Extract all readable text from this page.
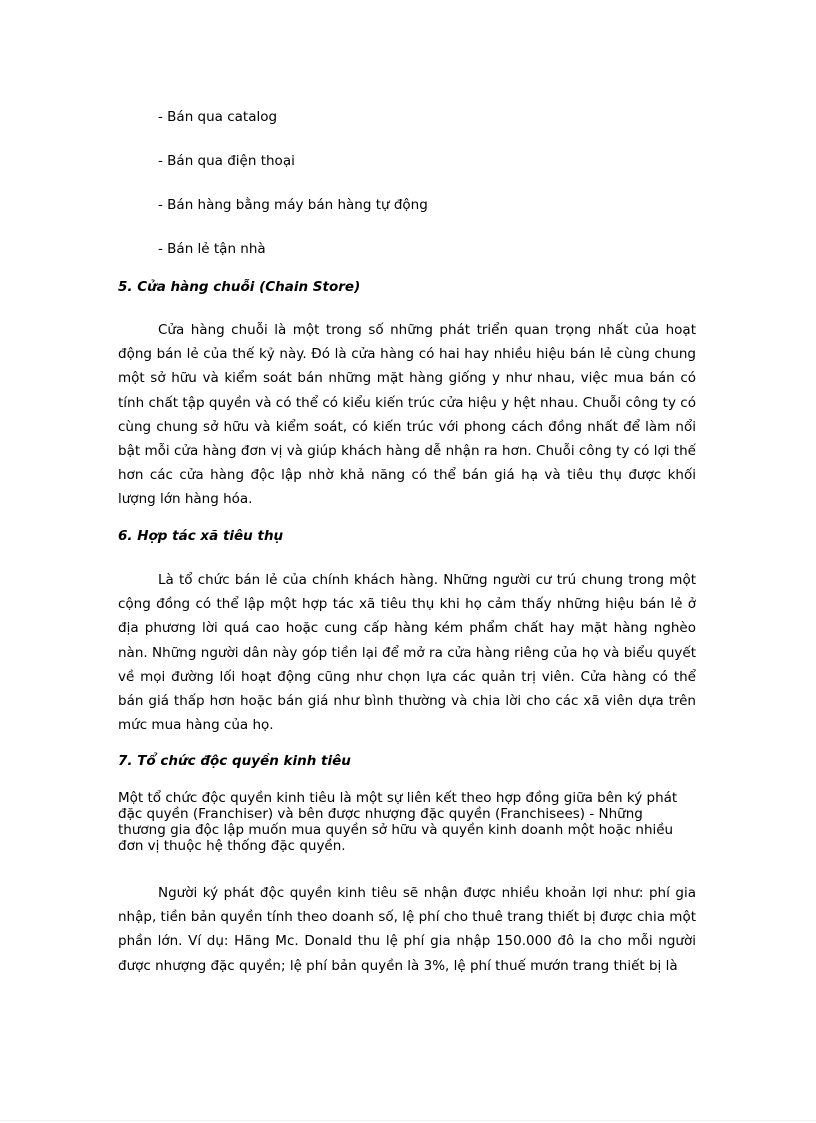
- Bán qua catalog
- Bán qua điện thoại
- Bán hàng bằng máy bán hàng tự động
- Bán lẻ tận nhà
5. Cửa hàng chuỗi (Chain Store)

Cửa hàng chuỗi là một trong số những phát triển quan trọng nhất của hoạt động bán lẻ của thế kỷ này. Đó là cửa hàng có hai hay nhiều hiệu bán lẻ cùng chung một sở hữu và kiểm soát bán những mặt hàng giống y như nhau, việc mua bán có tính chất tập quyền và có thể có kiểu kiến trúc cửa hiệu y hệt nhau. Chuỗi công ty có cùng chung sở hữu và kiểm soát, có kiến trúc với phong cách đồng nhất để làm nổi bật mỗi cửa hàng đơn vị và giúp khách hàng dễ nhận ra hơn. Chuỗi công ty có lợi thế hơn các cửa hàng độc lập nhờ khả năng có thể bán giá hạ và tiêu thụ được khối lượng lớn hàng hóa.

6. Hợp tác xã tiêu thụ

Là tổ chức bán lẻ của chính khách hàng. Những người cư trú chung trong một cộng đồng có thể lập một hợp tác xã tiêu thụ khi họ cảm thấy những hiệu bán lẻ ở địa phương lời quá cao hoặc cung cấp hàng kém phẩm chất hay mặt hàng nghèo nàn. Những người dân này góp tiền lại để mở ra cửa hàng riêng của họ và biểu quyết về mọi đường lối hoạt động cũng như chọn lựa các quản trị viên. Cửa hàng có thể bán giá thấp hơn hoặc bán giá như bình thường và chia lời cho các xã viên dựa trên mức mua hàng của họ.

7. Tổ chức độc quyền kinh tiêu

Một tổ chức độc quyền kinh tiêu là một sự liên kết theo hợp đồng giữa bên ký phát đặc quyền (Franchiser) và bên được nhượng đặc quyền (Franchisees) - Những thương gia độc lập muốn mua quyền sở hữu và quyền kinh doanh một hoặc nhiều đơn vị thuộc hệ thống đặc quyền.

Người ký phát độc quyền kinh tiêu sẽ nhận được nhiều khoản lợi như: phí gia nhập, tiền bản quyền tính theo doanh số, lệ phí cho thuê trang thiết bị được chia một phần lớn. Ví dụ: Hãng Mc. Donald thu lệ phí gia nhập 150.000 đô la cho mỗi người được nhượng đặc quyền; lệ phí bản quyền là 3%, lệ phí thuế mướn trang thiết bị là
